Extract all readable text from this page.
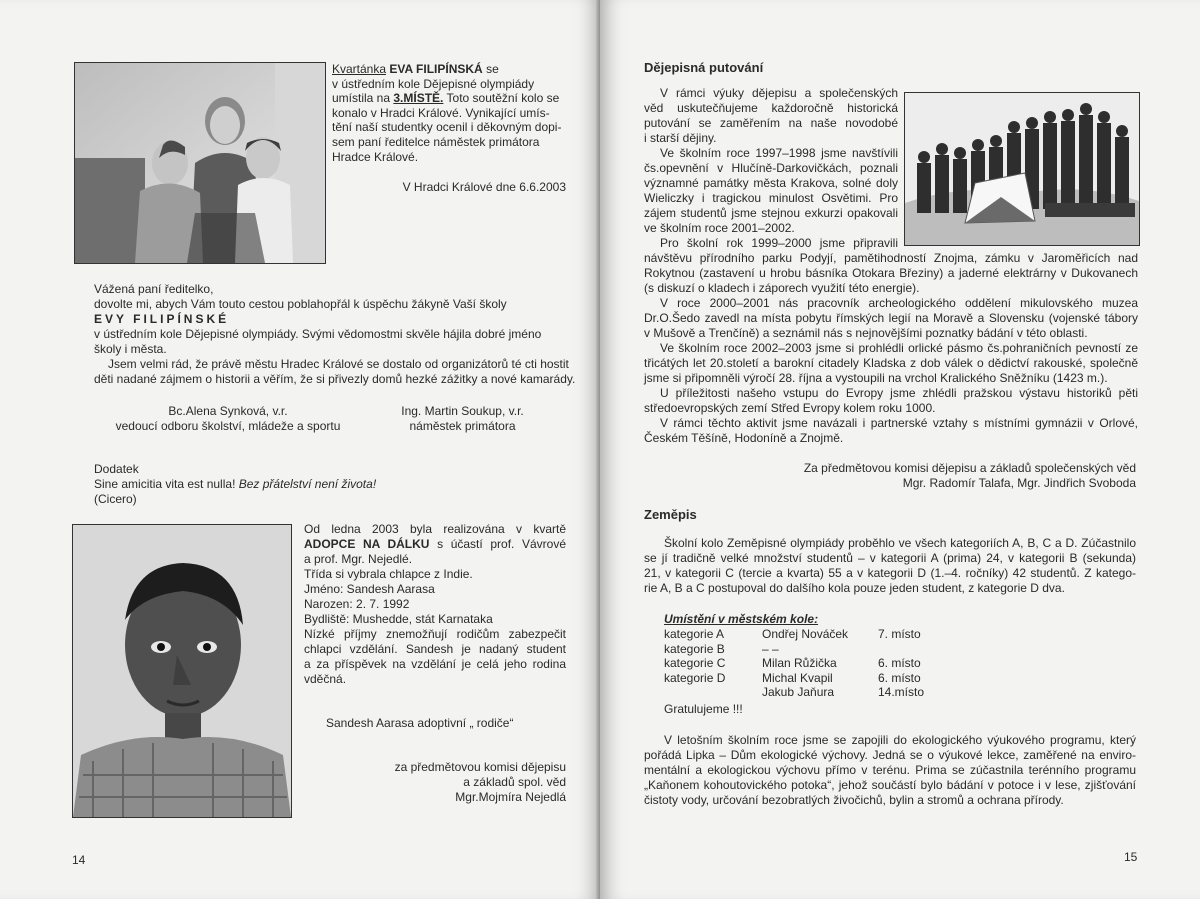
Kvartánka EVA FILIPÍNSKÁ se
v ústředním kole Dějepisné olympiády
umístila na 3.MÍSTĚ. Toto soutěžní kolo se
konalo v Hradci Králové. Vynikající umís-
tění naší studentky ocenil i děkovným dopi-
sem paní ředitelce náměstek primátora
Hradce Králové.

V Hradci Králové dne 6.6.2003

Vážená paní ředitelko,

dovolte mi, abych Vám touto cestou poblahopřál k úspěchu žákyně Vaší školy

EVY FILIPÍNSKÉ

v ústředním kole Dějepisné olympiády. Svými vědomostmi skvěle hájila dobré jméno

školy i města.

Jsem velmi rád, že právě městu Hradec Králové se dostalo od organizátorů té cti hostit

děti nadané zájmem o historii a věřím, že si přivezly domů hezké zážitky a nové kamarády.

Bc.Alena Synková, v.r.

vedoucí odboru školství, mládeže a sportu

Ing. Martin Soukup, v.r.

náměstek primátora

Dodatek

Sine amicitia vita est nulla! Bez přátelství není života!

(Cicero)

Od ledna 2003 byla realizována v kvartě

ADOPCE NA DÁLKU s účastí prof. Vávrové

a prof. Mgr. Nejedlé.

Třída si vybrala chlapce z Indie.

Jméno: Sandesh Aarasa

Narozen: 2. 7. 1992

Bydliště: Mushedde, stát Karnataka

Nízké příjmy znemožňují rodičům zabezpečit

chlapci vzdělání. Sandesh je nadaný student

a za příspěvek na vzdělání je celá jeho rodina

vděčná.

Sandesh Aarasa adoptivní „ rodiče“

za předmětovou komisi dějepisu

a základů spol. věd

Mgr.Mojmíra Nejedlá

14
Dějepisná putování

V rámci výuky dějepisu a společenských

věd uskutečňujeme každoročně historická

putování se zaměřením na naše novodobé

i starší dějiny.

Ve školním roce 1997–1998 jsme navštívili

čs.opevnění v Hlučíně-Darkovičkách, poznali

významné památky města Krakova, solné doly

Wieliczky i tragickou minulost Osvětimi. Pro

zájem studentů jsme stejnou exkurzi opakovali

ve školním roce 2001–2002.

Pro školní rok 1999–2000 jsme připravili

návštěvu přírodního parku Podyjí, pamětihodností Znojma, zámku v Jaroměřicích nad

Rokytnou (zastavení u hrobu básníka Otokara Březiny) a jaderné elektrárny v Dukovanech

(s diskuzí o kladech i záporech využití této energie).

V roce 2000–2001 nás pracovník archeologického oddělení mikulovského muzea

Dr.O.Šedo zavedl na místa pobytu římských legií na Moravě a Slovensku (vojenské tábory

v Mušově a Trenčíně) a seznámil nás s nejnovějšími poznatky bádání v této oblasti.

Ve školním roce 2002–2003 jsme si prohlédli orlické pásmo čs.pohraničních pevností ze

třicátých let 20.století a barokní citadely Kladska z dob válek o dědictví rakouské, společně

jsme si připomněli výročí 28. října a vystoupili na vrchol Kralického Sněžníku (1423 m.).

U příležitosti našeho vstupu do Evropy jsme zhlédli pražskou výstavu historiků pěti

středoevropských zemí Střed Evropy kolem roku 1000.

V rámci těchto aktivit jsme navázali i partnerské vztahy s místními gymnázii v Orlové,

Českém Těšíně, Hodoníně a Znojmě.

Za předmětovou komisi dějepisu a základů společenských věd

Mgr. Radomír Talafa, Mgr. Jindřich Svoboda

Zeměpis

Školní kolo Zeměpisné olympiády proběhlo ve všech kategoriích A, B, C a D. Zúčastnilo

se jí tradičně velké množství studentů – v kategorii A (prima) 24, v kategorii B (sekunda)

21, v kategorii C (tercie a kvarta) 55 a v kategorii D (1.–4. ročníky) 42 studentů. Z katego-

rie A, B a C postupoval do dalšího kola pouze jeden student, z kategorie D dva.

Umístění v městském kole:

kategorie A	Ondřej Nováček	7. místo
kategorie B	– –	
kategorie C	Milan Růžička	6. místo
kategorie D	Michal Kvapil	6. místo
	Jakub Jaňura	14.místo

Gratulujeme !!!

V letošním školním roce jsme se zapojili do ekologického výukového programu, který

pořádá Lipka – Dům ekologické výchovy. Jedná se o výukové lekce, zaměřené na enviro-

mentální a ekologickou výchovu přímo v terénu. Prima se zúčastnila terénního programu

„Kaňonem kohoutovického potoka“, jehož součástí bylo bádání v potoce i v lese, zjišťování

čistoty vody, určování bezobratlých živočichů, bylin a stromů a ochrana přírody.

15
